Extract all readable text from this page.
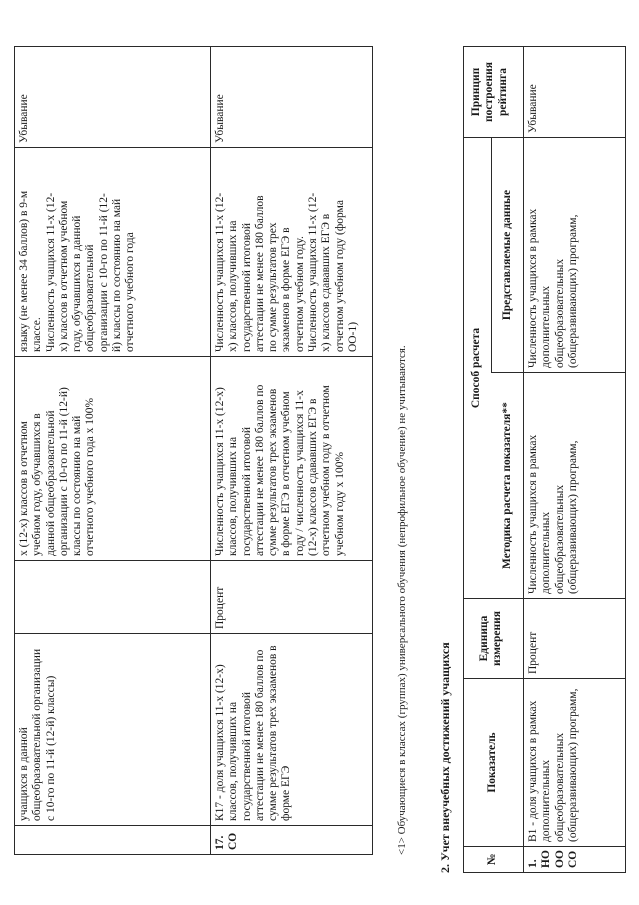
учащихся в данной
общеобразовательной организации
с 10-го по 11-й (12-й) классы)
х (12-х) классов в отчетном
учебном году, обучавшихся в
данной общеобразовательной
организации с 10-го по 11-й (12-й)
классы по состоянию на май
отчетного учебного года х 100%
языку (не менее 34 баллов) в 9-м
классе.
Численность учащихся 11-х (12-
х) классов в отчетном учебном
году, обучавшихся в данной
общеобразовательной
организации с 10-го по 11-й (12-
й) классы по состоянию на май
отчетного учебного года
Убывание
17.
СО
К17 - доля учащихся 11-х (12-х)
классов, получивших на
государственной итоговой
аттестации не менее 180 баллов по
сумме результатов трех экзаменов в
форме ЕГЭ
Процент
Численность учащихся 11-х (12-х)
классов, получивших на
государственной итоговой
аттестации не менее 180 баллов по
сумме результатов трех экзаменов
в форме ЕГЭ в отчетном учебном
году / численность учащихся 11-х
(12-х) классов сдававших ЕГЭ в
отчетном учебном году в отчетном
учебном году х 100%
Численность учащихся 11-х (12-
х) классов, получивших на
государственной итоговой
аттестации не менее 180 баллов
по сумме результатов трех
экзаменов в форме ЕГЭ в
отчетном учебном году.
Численность учащихся 11-х (12-
х) классов сдававших ЕГЭ в
отчетном учебном году (форма
ОО-1)
Убывание
<1> Обучающиеся в классах (группах) универсального обучения (непрофильное обучение) не учитываются.	2. Учет внеучебных достижений учащихся	№
Показатель
Единица
измерения
Способ расчета
Методика расчета показателя**
Представляемые данные
Принцип
построения
рейтинга
1.
НО
ОО
СО
В1 - доля учащихся в рамках
дополнительных
общеобразовательных
(общеразвивающих) программ,
Процент
Численность учащихся в рамках
дополнительных
общеобразовательных
(общеразвивающих) программ,
Численность учащихся в рамках
дополнительных
общеобразовательных
(общеразвивающих) программ,
Убывание
